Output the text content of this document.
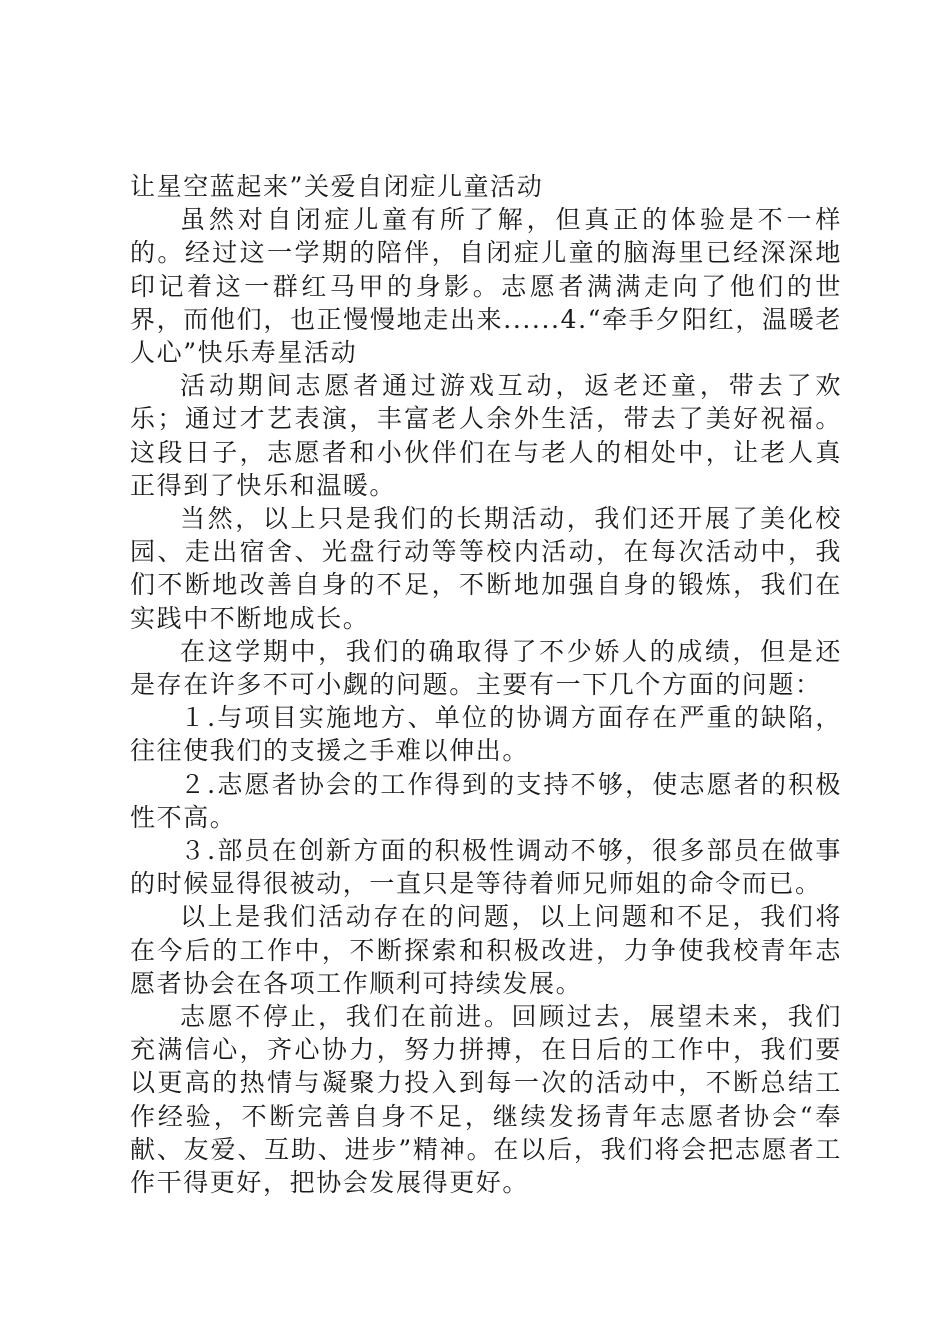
让星空蓝起来”关爱自闭症儿童活动

虽然对自闭症儿童有所了解，但真正的体验是不一样的。经过这一学期的陪伴，自闭症儿童的脑海里已经深深地印记着这一群红马甲的身影。志愿者满满走向了他们的世界，而他们，也正慢慢地走出来......4.“牵手夕阳红，温暖老人心”快乐寿星活动

活动期间志愿者通过游戏互动，返老还童，带去了欢乐；通过才艺表演，丰富老人余外生活，带去了美好祝福。这段日子，志愿者和小伙伴们在与老人的相处中，让老人真正得到了快乐和温暖。

当然，以上只是我们的长期活动，我们还开展了美化校园、走出宿舍、光盘行动等等校内活动，在每次活动中，我们不断地改善自身的不足，不断地加强自身的锻炼，我们在实践中不断地成长。

在这学期中，我们的确取得了不少娇人的成绩，但是还是存在许多不可小觑的问题。主要有一下几个方面的问题：

１.与项目实施地方、单位的协调方面存在严重的缺陷，往往使我们的支援之手难以伸出。

２.志愿者协会的工作得到的支持不够，使志愿者的积极性不高。

３.部员在创新方面的积极性调动不够，很多部员在做事的时候显得很被动，一直只是等待着师兄师姐的命令而已。

以上是我们活动存在的问题，以上问题和不足，我们将在今后的工作中，不断探索和积极改进，力争使我校青年志愿者协会在各项工作顺利可持续发展。

志愿不停止，我们在前进。回顾过去，展望未来，我们充满信心，齐心协力，努力拼搏，在日后的工作中，我们要以更高的热情与凝聚力投入到每一次的活动中，不断总结工作经验，不断完善自身不足，继续发扬青年志愿者协会“奉献、友爱、互助、进步”精神。在以后，我们将会把志愿者工作干得更好，把协会发展得更好。
